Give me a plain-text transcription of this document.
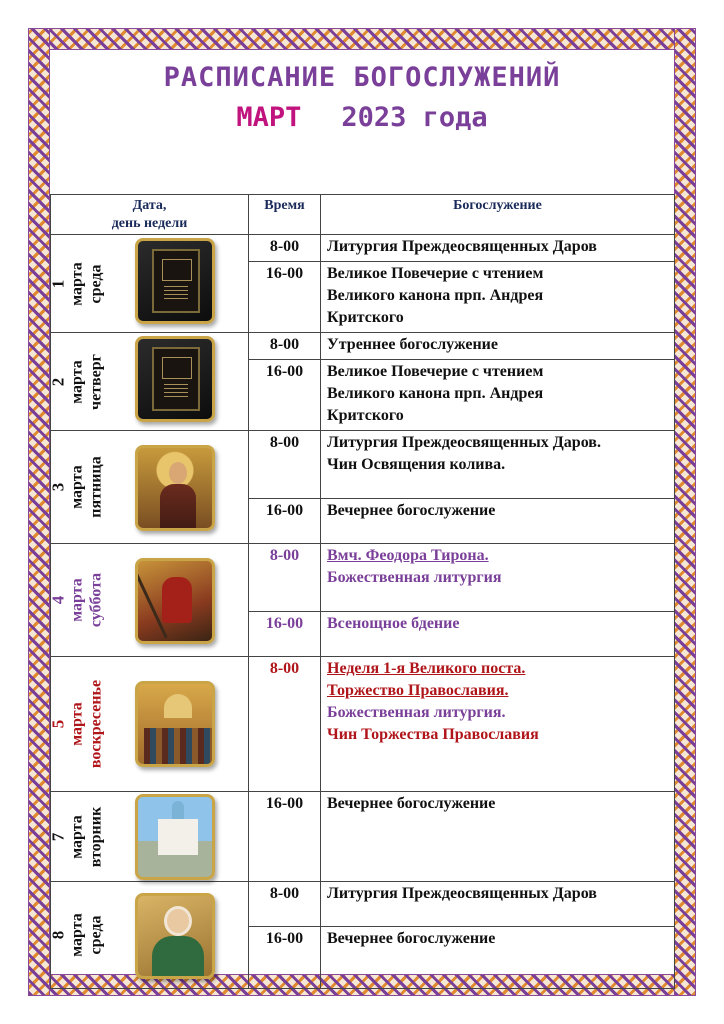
РАСПИСАНИЕ БОГОСЛУЖЕНИЙ
МАРТ 2023 года
Дата,
день недели	Время	Богослужение

1 марта среда	8-00	Литургия Преждеосвященных Даров
	16-00	Великое Повечерие с чтением
Великого канона прп. Андрея
Критского

2 марта четверг	8-00	Утреннее богослужение
	16-00	Великое Повечерие с чтением
Великого канона прп. Андрея
Критского

3 марта пятница	8-00	Литургия Преждеосвященных Даров.
Чин Освящения колива.
	16-00	Вечернее богослужение

4 марта суббота	8-00	Вмч. Феодора Тирона.
Божественная литургия
	16-00	Всенощное бдение

5 марта воскресенье	8-00	Неделя 1-я Великого поста.
Торжество Православия.
Божественная литургия.
Чин Торжества Православия

7 марта вторник	16-00	Вечернее богослужение

8 марта среда	8-00	Литургия Преждеосвященных Даров
	16-00	Вечернее богослужение
